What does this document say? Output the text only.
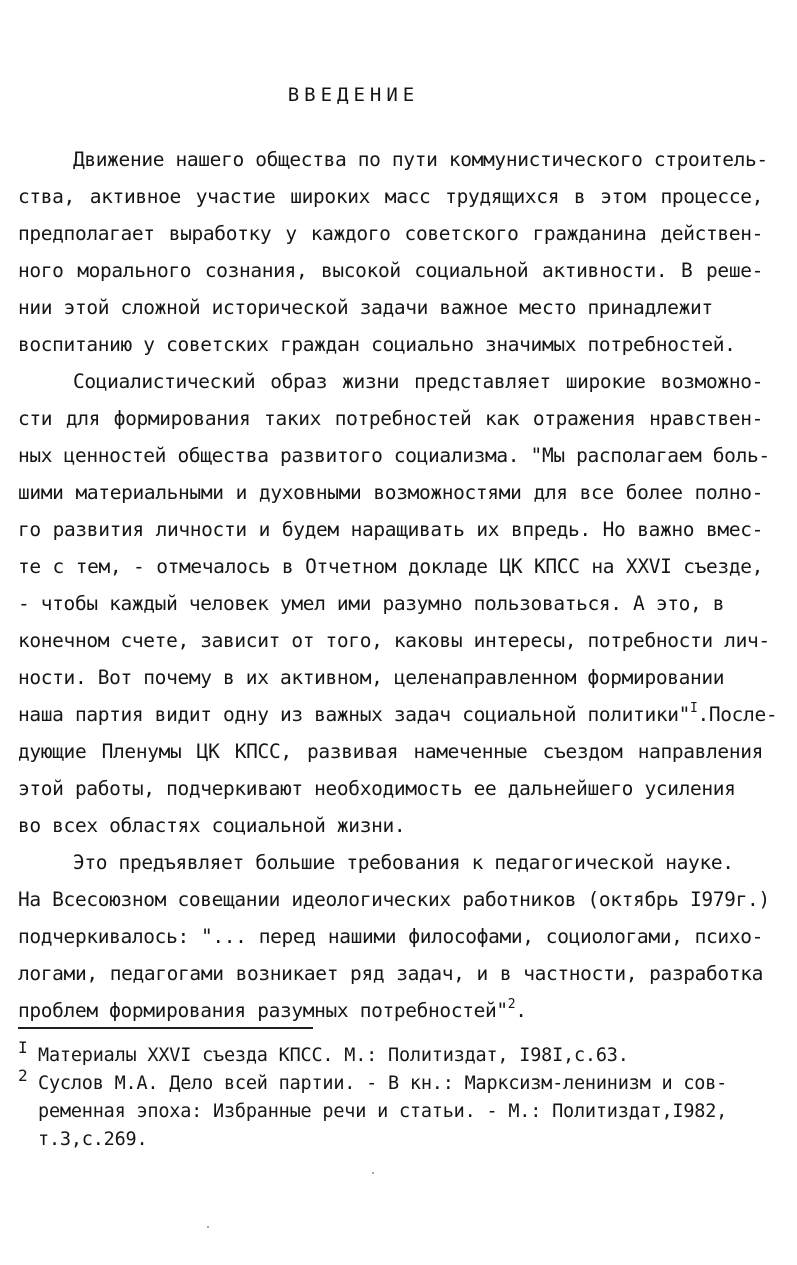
ВВЕДЕНИЕ
Движение нашего общества по пути коммунистического строитель-
ства, активное участие широких масс трудящихся в этом процессе,
предполагает выработку у каждого советского гражданина действен-
ного морального сознания, высокой социальной активности. В реше-
нии этой сложной исторической задачи важное место принадлежит
воспитанию у советских граждан социально значимых потребностей.
Социалистический образ жизни представляет широкие возможно-
сти для формирования таких потребностей как отражения нравствен-
ных ценностей общества развитого социализма. "Мы располагаем боль-
шими материальными и духовными возможностями для все более полно-
го развития личности и будем наращивать их впредь. Но важно вмес-
те с тем, - отмечалось в Отчетном докладе ЦК КПСС на ХХVI съезде,
- чтобы каждый человек умел ими разумно пользоваться. А это, в
конечном счете, зависит от того, каковы интересы, потребности лич-
ности. Вот почему в их активном, целенаправленном формировании
наша партия видит одну из важных задач социальной политики"$^I$.После-
дующие Пленумы ЦК КПСС, развивая намеченные съездом направления
этой работы, подчеркивают необходимость ее дальнейшего усиления
во всех областях социальной жизни.
Это предъявляет большие требования к педагогической науке.
На Всесоюзном совещании идеологических работников (октябрь I979г.)
подчеркивалось: "... перед нашими философами, социологами, психо-
логами, педагогами возникает ряд задач, и в частности, разработка
проблем формирования разумных потребностей"$^2$.
I Материалы ХХVI съезда КПСС. М.: Политиздат, I98I,с.63.
2 Суслов М.А. Дело всей партии. - В кн.: Марксизм-ленинизм и сов-
ременная эпоха: Избранные речи и статьи. - М.: Политиздат,I982,
т.3,с.269.
